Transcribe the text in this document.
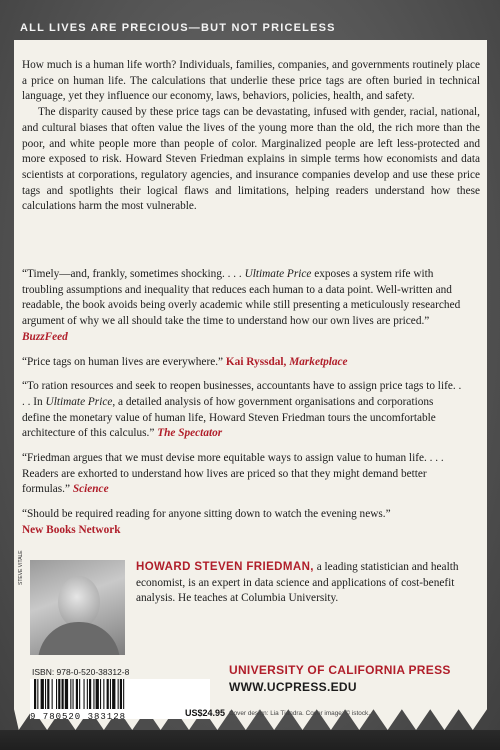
ALL LIVES ARE PRECIOUS—BUT NOT PRICELESS

How much is a human life worth? Individuals, families, companies, and governments routinely place a price on human life. The calculations that underlie these price tags are often buried in technical language, yet they influence our economy, laws, behaviors, policies, health, and safety.

The disparity caused by these price tags can be devastating, infused with gender, racial, national, and cultural biases that often value the lives of the young more than the old, the rich more than the poor, and white people more than people of color. Marginalized people are left less-protected and more exposed to risk. Howard Steven Friedman explains in simple terms how economists and data scientists at corporations, regulatory agencies, and insurance companies develop and use these price tags and spotlights their logical flaws and limitations, helping readers understand how these calculations harm the most vulnerable.

“Timely—and, frankly, sometimes shocking. . . . Ultimate Price exposes a system rife with troubling assumptions and inequality that reduces each human to a data point. Well-written and readable, the book avoids being overly academic while still presenting a meticulously researched argument of why we all should take the time to understand how our own lives are priced.” BuzzFeed

“Price tags on human lives are everywhere.” Kai Ryssdal, Marketplace

“To ration resources and seek to reopen businesses, accountants have to assign price tags to life. . . . In Ultimate Price, a detailed analysis of how government organisations and corporations define the monetary value of human life, Howard Steven Friedman tours the uncomfortable architecture of this calculus.” The Spectator

“Friedman argues that we must devise more equitable ways to assign value to human life. . . . Readers are exhorted to understand how lives are priced so that they might demand better formulas.” Science

“Should be required reading for anyone sitting down to watch the evening news.”
New Books Network

STEVE VITALE	HOWARD STEVEN FRIEDMAN, a leading statistician and health economist, is an expert in data science and applications of cost-benefit analysis. He teaches at Columbia University.
ISBN: 978-0-520-38312-8
9 780520 383128	US$24.95
UNIVERSITY OF CALIFORNIA PRESS
WWW.UCPRESS.EDU
Cover design: Lia Tjandra. Cover image: © istock.
